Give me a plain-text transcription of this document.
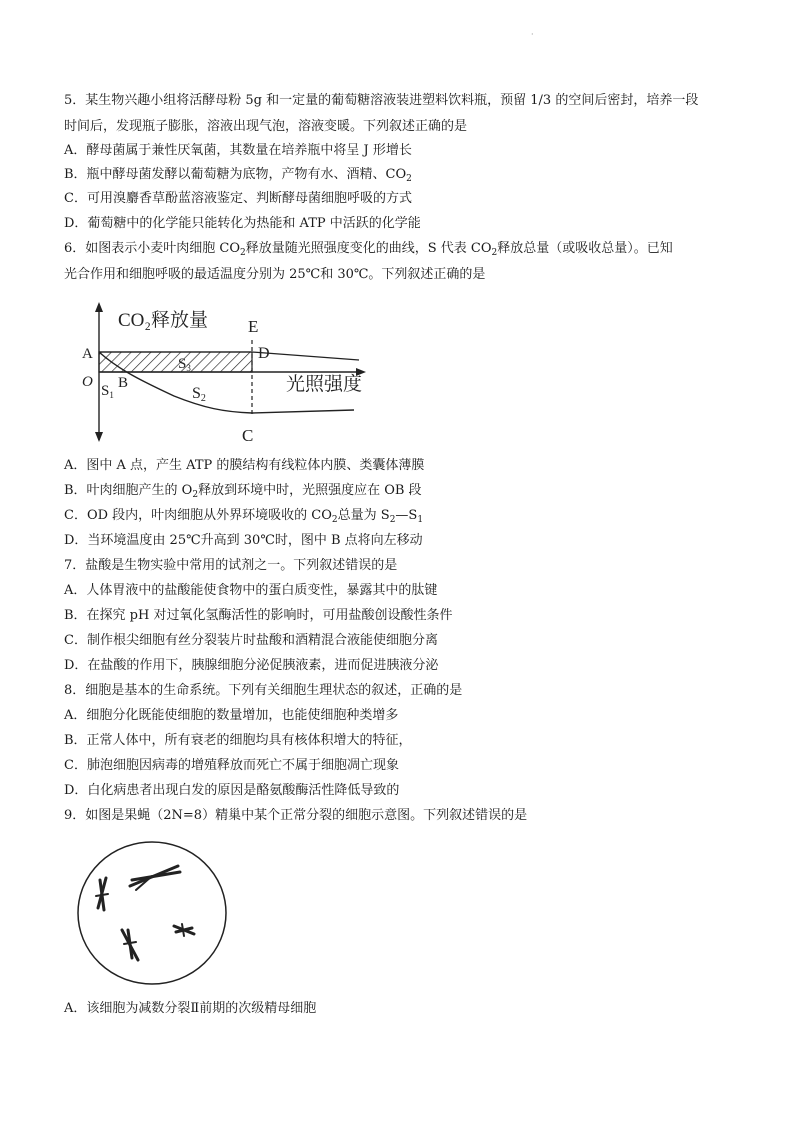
·
5．某生物兴趣小组将活酵母粉 5g 和一定量的葡萄糖溶液装进塑料饮料瓶，预留 1/3 的空间后密封，培养一段
时间后，发现瓶子膨胀，溶液出现气泡，溶液变暖。下列叙述正确的是
A．酵母菌属于兼性厌氧菌，其数量在培养瓶中将呈 J 形增长
B．瓶中酵母菌发酵以葡萄糖为底物，产物有水、酒精、$CO_2$
C．可用溴麝香草酚蓝溶液鉴定、判断酵母菌细胞呼吸的方式
D．葡萄糖中的化学能只能转化为热能和 ATP 中活跃的化学能
6．如图表示小麦叶肉细胞 $CO_2$释放量随光照强度变化的曲线，S 代表 $CO_2$释放总量（或吸收总量）。已知
光合作用和细胞呼吸的最适温度分别为 25℃和 30℃。下列叙述正确的是
CO₂释放量
光照强度
A
O B
C
D
E
$S_1$	S2
$S_3$
A．图中 A 点，产生 ATP 的膜结构有线粒体内膜、类囊体薄膜
B．叶肉细胞产生的 $O_2$释放到环境中时，光照强度应在 OB 段
C．OD 段内，叶肉细胞从外界环境吸收的 $CO_2$总量为 $S_2—S_1$
D．当环境温度由 25℃升高到 30℃时，图中 B 点将向左移动
7．盐酸是生物实验中常用的试剂之一。下列叙述错误的是
A．人体胃液中的盐酸能使食物中的蛋白质变性，暴露其中的肽键
B．在探究 pH 对过氧化氢酶活性的影响时，可用盐酸创设酸性条件
C．制作根尖细胞有丝分裂装片时盐酸和酒精混合液能使细胞分离
D．在盐酸的作用下，胰腺细胞分泌促胰液素，进而促进胰液分泌
8．细胞是基本的生命系统。下列有关细胞生理状态的叙述，正确的是
A．细胞分化既能使细胞的数量增加，也能使细胞种类增多
B．正常人体中，所有衰老的细胞均具有核体积增大的特征，
C．肺泡细胞因病毒的增殖释放而死亡不属于细胞凋亡现象
D．白化病患者出现白发的原因是酪氨酸酶活性降低导致的
9．如图是果蝇（2N=8）精巢中某个正常分裂的细胞示意图。下列叙述错误的是
A．该细胞为减数分裂Ⅱ前期的次级精母细胞
